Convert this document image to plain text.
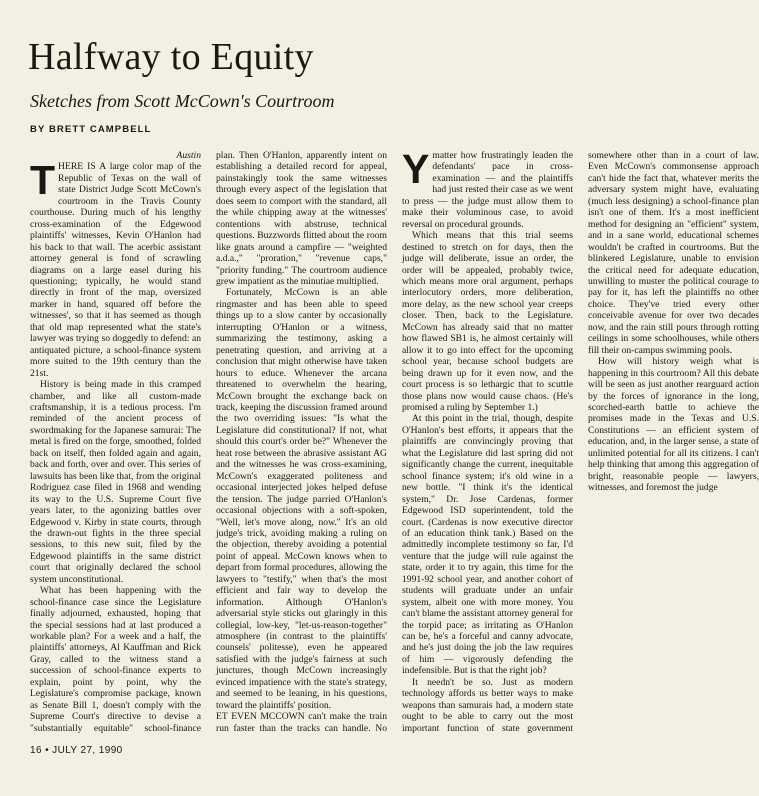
Halfway to Equity
Sketches from Scott McCown's Courtroom
BY BRETT CAMPBELL

Austin

THERE IS A large color map of the Republic of Texas on the wall of state District Judge Scott McCown's courtroom in the Travis County courthouse. During much of his lengthy cross-examination of the Edgewood plaintiffs' witnesses, Kevin O'Hanlon had his back to that wall. The acerbic assistant attorney general is fond of scrawling diagrams on a large easel during his questioning; typically, he would stand directly in front of the map, oversized marker in hand, squared off before the witnesses', so that it has seemed as though that old map represented what the state's lawyer was trying so doggedly to defend: an antiquated picture, a school-finance system more suited to the 19th century than the 21st.

History is being made in this cramped chamber, and like all custom-made craftsmanship, it is a tedious process. I'm reminded of the ancient process of swordmaking for the Japanese samurai: The metal is fired on the forge, smoothed, folded back on itself, then folded again and again, back and forth, over and over. This series of lawsuits has been like that, from the original Rodriguez case filed in 1968 and wending its way to the U.S. Supreme Court five years later, to the agonizing battles over Edgewood v. Kirby in state courts, through the drawn-out fights in the three special sessions, to this new suit, filed by the Edgewood plaintiffs in the same district court that originally declared the school system unconstitutional.

What has been happening with the school-finance case since the Legislature finally adjourned, exhausted, hoping that the special sessions had at last produced a workable plan? For a week and a half, the plaintiffs' attorneys, Al Kauffman and Rick Gray, called to the witness stand a succession of school-finance experts to explain, point by point, why the Legislature's compromise package, known as Senate Bill 1, doesn't comply with the Supreme Court's directive to devise a "substantially equitable" school-finance plan. Then O'Hanlon, apparently intent on establishing a detailed record for appeal, painstakingly took the same witnesses through every aspect of the legislation that does seem to comport with the standard, all the while chipping away at the witnesses' contentions with abstruse, technical questions. Buzzwords flitted about the room like gnats around a campfire — "weighted a.d.a.," "proration," "revenue caps," "priority funding." The courtroom audience grew impatient as the minutiae multiplied.

Fortunately, McCown is an able ringmaster and has been able to speed things up to a slow canter by occasionally interrupting O'Hanlon or a witness, summarizing the testimony, asking a penetrating question, and arriving at a conclusion that might otherwise have taken hours to educe. Whenever the arcana threatened to overwhelm the hearing, McCown brought the exchange back on track, keeping the discussion framed around the two overriding issues: "Is what the Legislature did constitutional? If not, what should this court's order be?" Whenever the heat rose between the abrasive assistant AG and the witnesses he was cross-examining, McCown's exaggerated politeness and occasional interjected jokes helped defuse the tension. The judge parried O'Hanlon's occasional objections with a soft-spoken, "Well, let's move along, now." It's an old judge's trick, avoiding making a ruling on the objection, thereby avoiding a potential point of appeal. McCown knows when to depart from formal procedures, allowing the lawyers to "testify," when that's the most efficient and fair way to develop the information. Although O'Hanlon's adversarial style sticks out glaringly in this collegial, low-key, "let-us-reason-together" atmosphere (in contrast to the plaintiffs' counsels' politesse), even he appeared satisfied with the judge's fairness at such junctures, though McCown increasingly evinced impatience with the state's strategy, and seemed to be leaning, in his questions, toward the plaintiffs' position.

YET EVEN MCCOWN can't make the train run faster than the tracks can handle. No matter how frustratingly leaden the defendants' pace in cross-examination — and the plaintiffs had just rested their case as we went to press — the judge must allow them to make their voluminous case, to avoid reversal on procedural grounds.

Which means that this trial seems destined to stretch on for days, then the judge will deliberate, issue an order, the order will be appealed, probably twice, which means more oral argument, perhaps interlocutory orders, more deliberation, more delay, as the new school year creeps closer. Then, back to the Legislature. McCown has already said that no matter how flawed SB1 is, he almost certainly will allow it to go into effect for the upcoming school year, because school budgets are being drawn up for it even now, and the court process is so lethargic that to scuttle those plans now would cause chaos. (He's promised a ruling by September 1.)

At this point in the trial, though, despite O'Hanlon's best efforts, it appears that the plaintiffs are convincingly proving that what the Legislature did last spring did not significantly change the current, inequitable school finance system; it's old wine in a new bottle. "I think it's the identical system," Dr. Jose Cardenas, former Edgewood ISD superintendent, told the court. (Cardenas is now executive director of an education think tank.) Based on the admittedly incomplete testimony so far, I'd venture that the judge will rule against the state, order it to try again, this time for the 1991-92 school year, and another cohort of students will graduate under an unfair system, albeit one with more money. You can't blame the assistant attorney general for the torpid pace; as irritating as O'Hanlon can be, he's a forceful and canny advocate, and he's just doing the job the law requires of him — vigorously defending the indefensible. But is that the right job?

It needn't be so. Just as modern technology affords us better ways to make weapons than samurais had, a modern state ought to be able to carry out the most important function of state government somewhere other than in a court of law. Even McCown's commonsense approach can't hide the fact that, whatever merits the adversary system might have, evaluating (much less designing) a school-finance plan isn't one of them. It's a most inefficient method for designing an "efficient" system, and in a sane world, educational schemes wouldn't be crafted in courtrooms. But the blinkered Legislature, unable to envision the critical need for adequate education, unwilling to muster the political courage to pay for it, has left the plaintiffs no other choice. They've tried every other conceivable avenue for over two decades now, and the rain still pours through rotting ceilings in some schoolhouses, while others fill their on-campus swimming pools.

How will history weigh what is happening in this courtroom? All this debate will be seen as just another rearguard action by the forces of ignorance in the long, scorched-earth battle to achieve the promises made in the Texas and U.S. Constitutions — an efficient system of education, and, in the larger sense, a state of unlimited potential for all its citizens. I can't help thinking that among this aggregation of bright, reasonable people — lawyers, witnesses, and foremost the judge

16 • JULY 27, 1990
